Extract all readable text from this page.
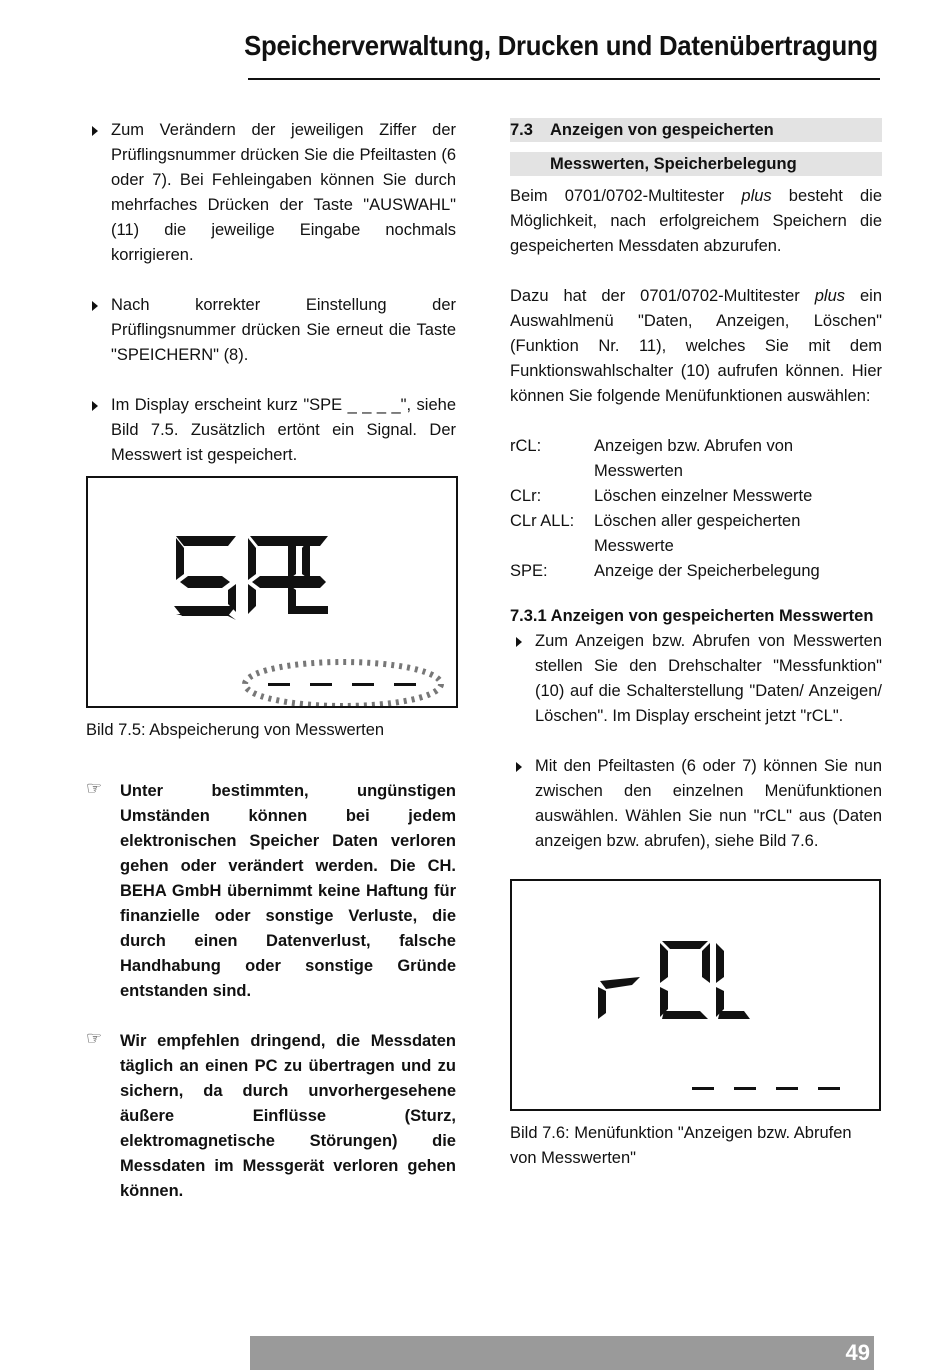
Speicherverwaltung, Drucken und Datenübertragung
Zum Verändern der jeweiligen Ziffer der Prüflingsnummer drücken Sie die Pfeiltasten (6 oder 7). Bei Fehleingaben können Sie durch mehrfaches Drücken der Taste "AUSWAHL" (11) die jeweilige Eingabe nochmals korrigieren.
Nach korrekter Einstellung der Prüflingsnummer drücken Sie erneut die Taste "SPEICHERN" (8).
Im Display erscheint kurz "SPE _ _ _ _", siehe Bild 7.5. Zusätzlich ertönt ein Signal. Der Messwert ist gespeichert.

Bild 7.5: Abspeicherung von Messwerten

☞ Unter bestimmten, ungünstigen Umständen können bei jedem elektronischen Speicher Daten verloren gehen oder verändert werden. Die CH. BEHA GmbH übernimmt keine Haftung für finanzielle oder sonstige Verluste, die durch einen Datenverlust, falsche Handhabung oder sonstige Gründe entstanden sind.
☞ Wir empfehlen dringend, die Messdaten täglich an einen PC zu übertragen und zu sichern, da durch unvorhergesehene äußere Einflüsse (Sturz, elektromagnetische Störungen) die Messdaten im Messgerät verloren gehen können.
7.3 Anzeigen von gespeicherten
Messwerten, Speicherbelegung

Beim 0701/0702-Multitester plus besteht die Möglichkeit, nach erfolgreichem Speichern die gespeicherten Messdaten abzurufen.

Dazu hat der 0701/0702-Multitester plus ein Auswahlmenü "Daten, Anzeigen, Löschen" (Funktion Nr. 11), welches Sie mit dem Funktionswahlschalter (10) aufrufen können. Hier können Sie folgende Menüfunktionen auswählen:

rCL:	Anzeigen bzw. Abrufen von Messwerten
CLr:	Löschen einzelner Messwerte
CLr ALL:	Löschen aller gespeicherten Messwerte
SPE:	Anzeige der Speicherbelegung

7.3.1 Anzeigen von gespeicherten Messwerten

Zum Anzeigen bzw. Abrufen von Messwerten stellen Sie den Drehschalter "Messfunktion" (10) auf die Schalterstellung "Daten/ Anzeigen/ Löschen". Im Display erscheint jetzt "rCL".
Mit den Pfeiltasten (6 oder 7) können Sie nun zwischen den einzelnen Menüfunktionen auswählen. Wählen Sie nun "rCL" aus (Daten anzeigen bzw. abrufen), siehe Bild 7.6.

Bild 7.6: Menüfunktion "Anzeigen bzw. Abrufen von Messwerten"

49
